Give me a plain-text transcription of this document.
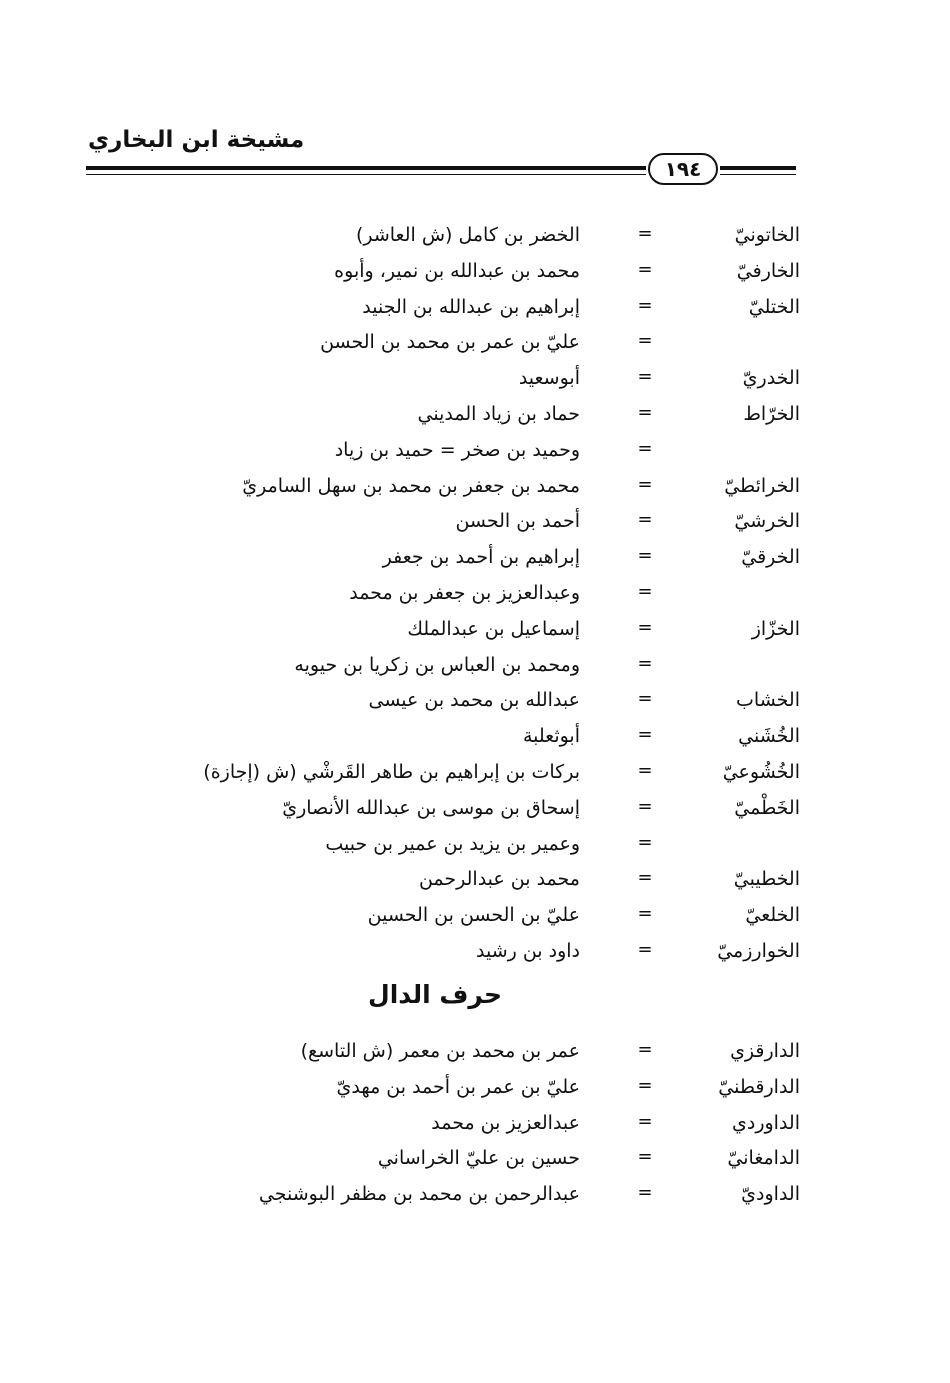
مشيخة ابن البخاري
١٩٤
الخاتونيّ
=
الخضر بن كامل (ش العاشر)
الخارفيّ
=
محمد بن عبدالله بن نمير، وأبوه
الختليّ
=
إبراهيم بن عبدالله بن الجنيد
=
عليّ بن عمر بن محمد بن الحسن
الخدريّ
=
أبوسعيد
الخرّاط
=
حماد بن زياد المديني
=
وحميد بن صخر = حميد بن زياد
الخرائطيّ
=
محمد بن جعفر بن محمد بن سهل السامريّ
الخرشيّ
=
أحمد بن الحسن
الخرقيّ
=
إبراهيم بن أحمد بن جعفر
=
وعبدالعزيز بن جعفر بن محمد
الخزّاز
=
إسماعيل بن عبدالملك
=
ومحمد بن العباس بن زكريا بن حيويه
الخشاب
=
عبدالله بن محمد بن عيسى
الخُشَني
=
أبوثعلبة
الخُشُوعيّ
=
بركات بن إبراهيم بن طاهر القَرشْي (ش (إجازة)
الخَطْميّ
=
إسحاق بن موسى بن عبدالله الأنصاريّ
=
وعمير بن يزيد بن عمير بن حبيب
الخطيبيّ
=
محمد بن عبدالرحمن
الخلعيّ
=
عليّ بن الحسن بن الحسين
الخوارزميّ
=
داود بن رشيد
حرف الدال
الدارقزي
=
عمر بن محمد بن معمر (ش التاسع)
الدارقطنيّ
=
عليّ بن عمر بن أحمد بن مهديّ
الداوردي
=
عبدالعزيز بن محمد
الدامغانيّ
=
حسين بن عليّ الخراساني
الداوديّ
=
عبدالرحمن بن محمد بن مظفر البوشنجي
